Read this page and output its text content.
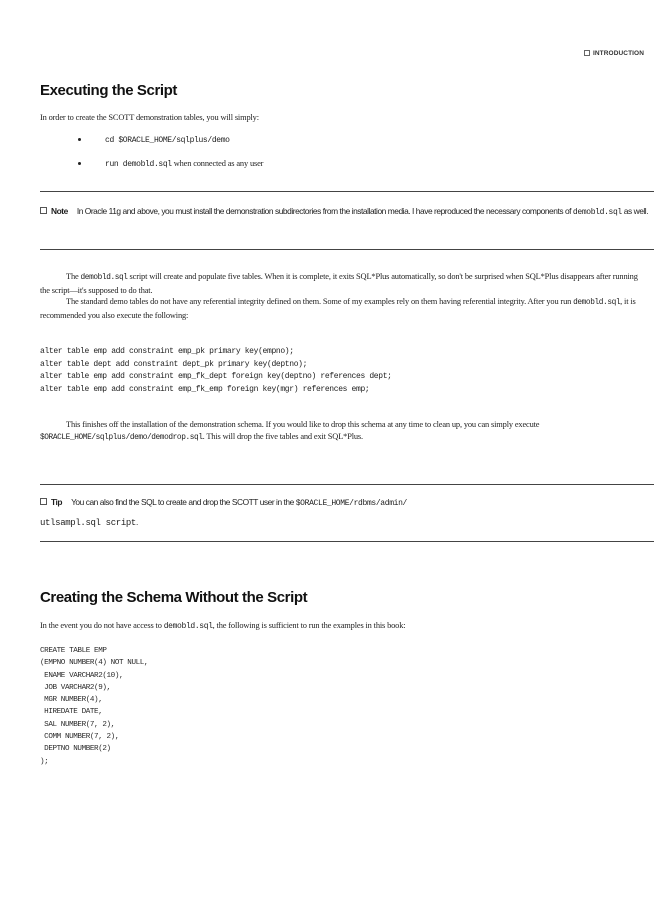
INTRODUCTION
Executing the Script
In order to create the SCOTT demonstration tables, you will simply:
cd $ORACLE_HOME/sqlplus/demo
run demobld.sql when connected as any user
Note In Oracle 11g and above, you must install the demonstration subdirectories from the installation media. I have reproduced the necessary components of demobld.sql as well.

The demobld.sql script will create and populate five tables. When it is complete, it exits SQL*Plus automatically, so don't be surprised when SQL*Plus disappears after running the script—it's supposed to do that.

The standard demo tables do not have any referential integrity defined on them. Some of my examples rely on them having referential integrity. After you run demobld.sql, it is recommended you also execute the following:

alter table emp add constraint emp_pk primary key(empno);
alter table dept add constraint dept_pk primary key(deptno);
alter table emp add constraint emp_fk_dept foreign key(deptno) references dept;
alter table emp add constraint emp_fk_emp foreign key(mgr) references emp;

This finishes off the installation of the demonstration schema. If you would like to drop this schema at any time to clean up, you can simply execute $ORACLE_HOME/sqlplus/demo/demodrop.sql. This will drop the five tables and exit SQL*Plus.

Tip You can also find the SQL to create and drop the SCOTT user in the $ORACLE_HOME/rdbms/admin/
utlsampl.sql script.
Creating the Schema Without the Script
In the event you do not have access to demobld.sql, the following is sufficient to run the examples in this book:
CREATE TABLE EMP
(EMPNO NUMBER(4) NOT NULL,
ENAME VARCHAR2(10),
JOB VARCHAR2(9),
MGR NUMBER(4),
HIREDATE DATE,
SAL NUMBER(7, 2),
COMM NUMBER(7, 2),
DEPTNO NUMBER(2)
);
